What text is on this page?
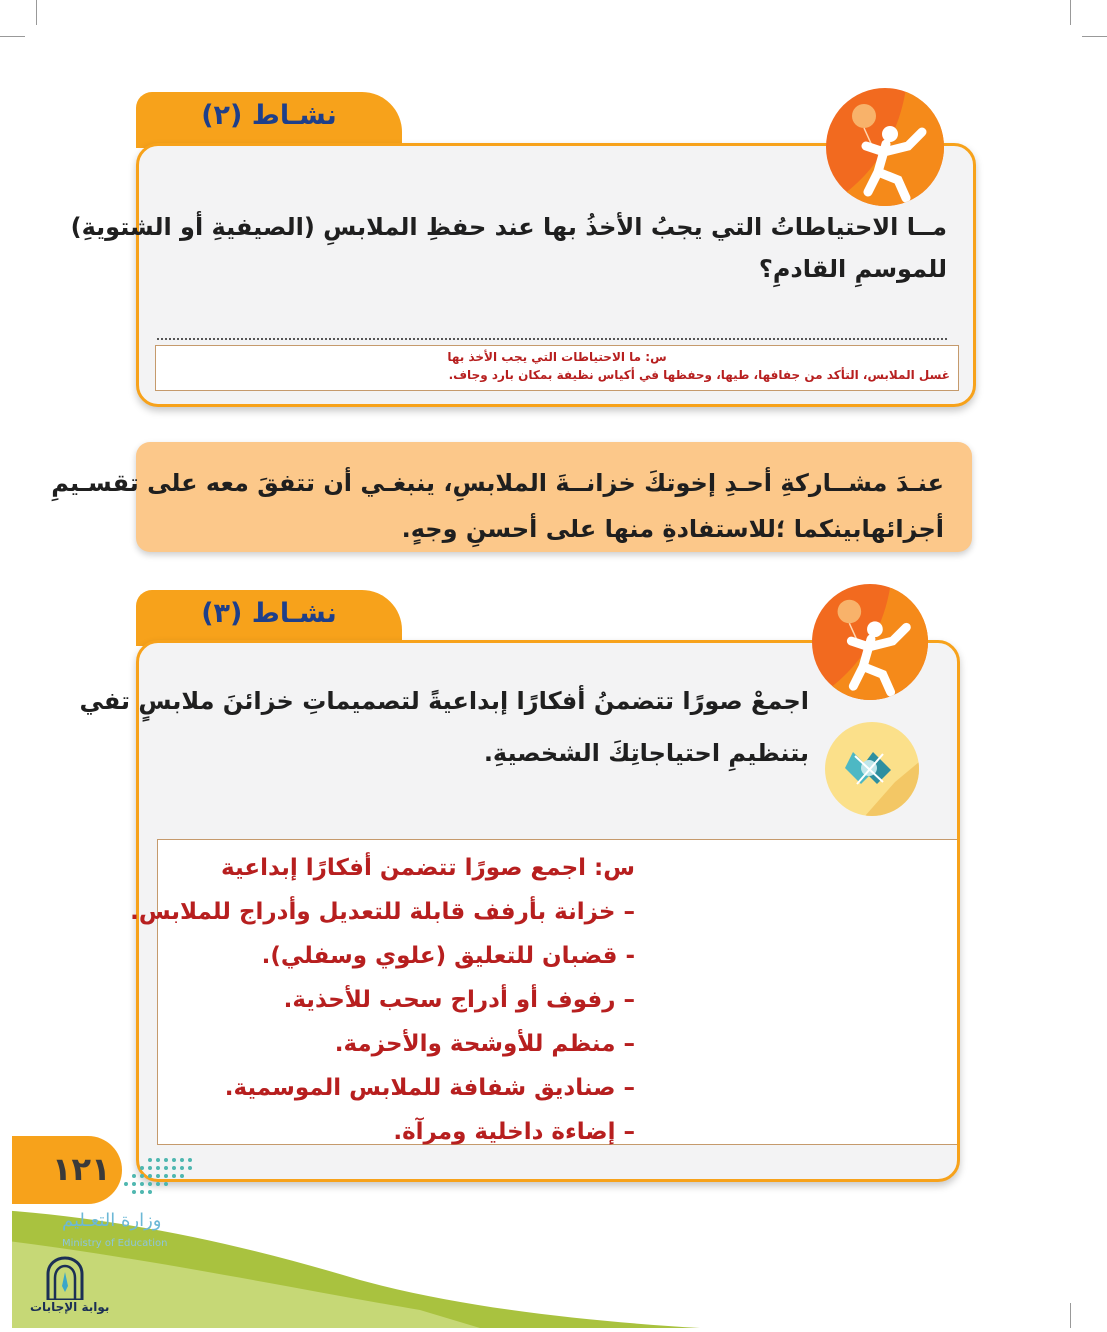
نشـاط (٢)
مــا الاحتياطاتُ التي يجبُ الأخذُ بها عند حفظِ الملابسِ (الصيفيةِ أو الشتويةِ)
للموسمِ القادمِ؟
س: ما الاحتياطات التي يجب الأخذ بها
غسل الملابس، التأكد من جفافها، طيها، وحفظها في أكياس نظيفة بمكان بارد وجاف.
عنـدَ مشــاركةِ أحـدِ إخوتكَ خزانــةَ الملابسِ، ينبغـي أن تتفقَ معه على تقسـيمِ
أجزائهابينكما ؛للاستفادةِ منها على أحسنِ وجهٍ.
نشـاط (٣)
اجمعْ صورًا تتضمنُ أفكارًا إبداعيةً لتصميماتِ خزائنَ ملابسٍ تفي
بتنظيمِ احتياجاتِكَ الشخصيةِ.
س: اجمع صورًا تتضمن أفكارًا إبداعية
– خزانة بأرفف قابلة للتعديل وأدراج للملابس.
- قضبان للتعليق (علوي وسفلي).
– رفوف أو أدراج سحب للأحذية.
– منظم للأوشحة والأحزمة.
– صناديق شفافة للملابس الموسمية.
– إضاءة داخلية ومرآة.
١٢١
وزارة التعـليم
Ministry of Education
بوابة الإجابات
